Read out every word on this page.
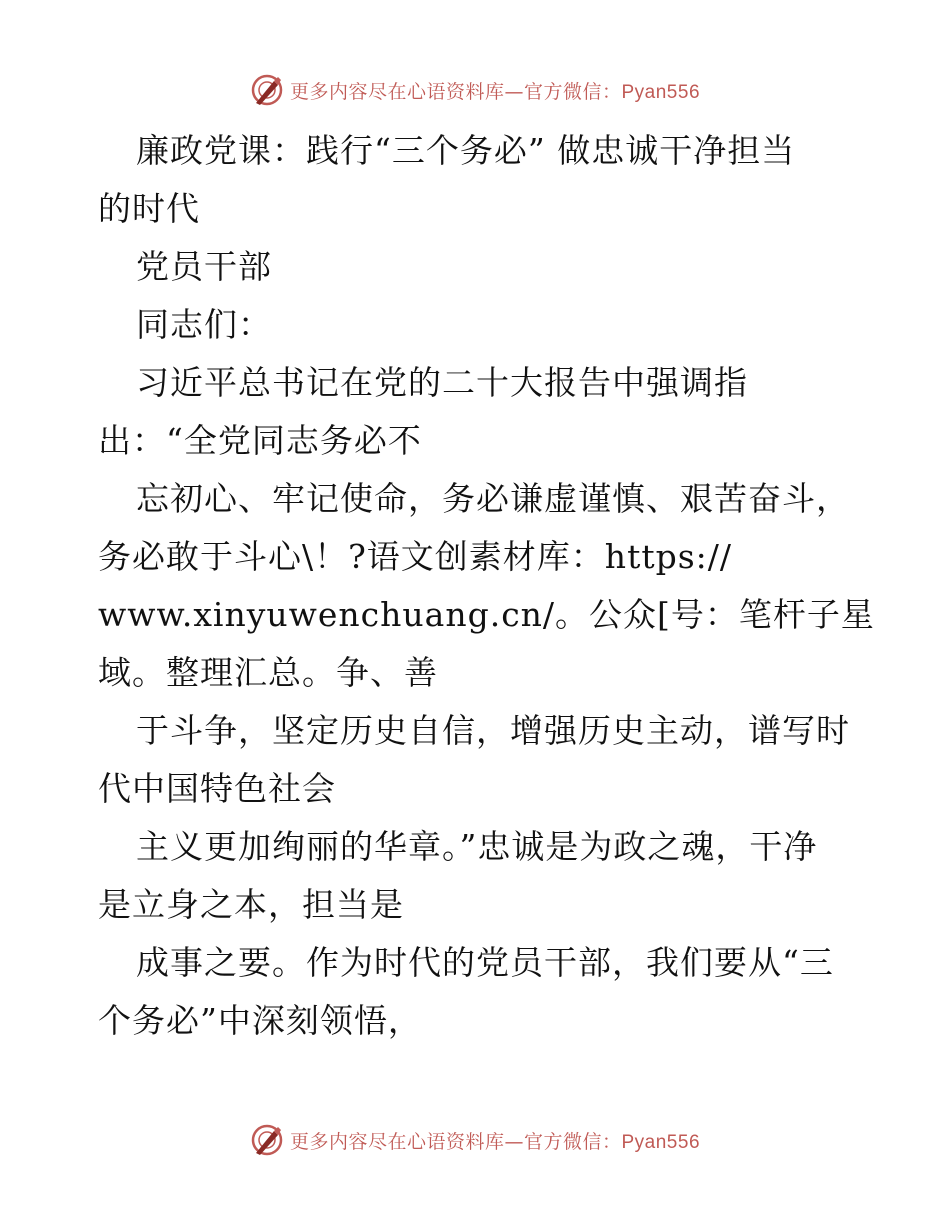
更多内容尽在心语资料库—官方微信：Pyan556
廉政党课：践行“三个务必” 做忠诚干净担当
的时代
党员干部
同志们：
习近平总书记在党的二十大报告中强调指
出：“全党同志务必不
忘初心、牢记使命，务必谦虚谨慎、艰苦奋斗，
务必敢于斗心\！?语文创素材库：https://
www.xinyuwenchuang.cn/。公众[号：笔杆子星
域。整理汇总。争、善
于斗争，坚定历史自信，增强历史主动，谱写时
代中国特色社会
主义更加绚丽的华章。”忠诚是为政之魂，干净
是立身之本，担当是
成事之要。作为时代的党员干部，我们要从“三
个务必”中深刻领悟，
更多内容尽在心语资料库—官方微信：Pyan556
